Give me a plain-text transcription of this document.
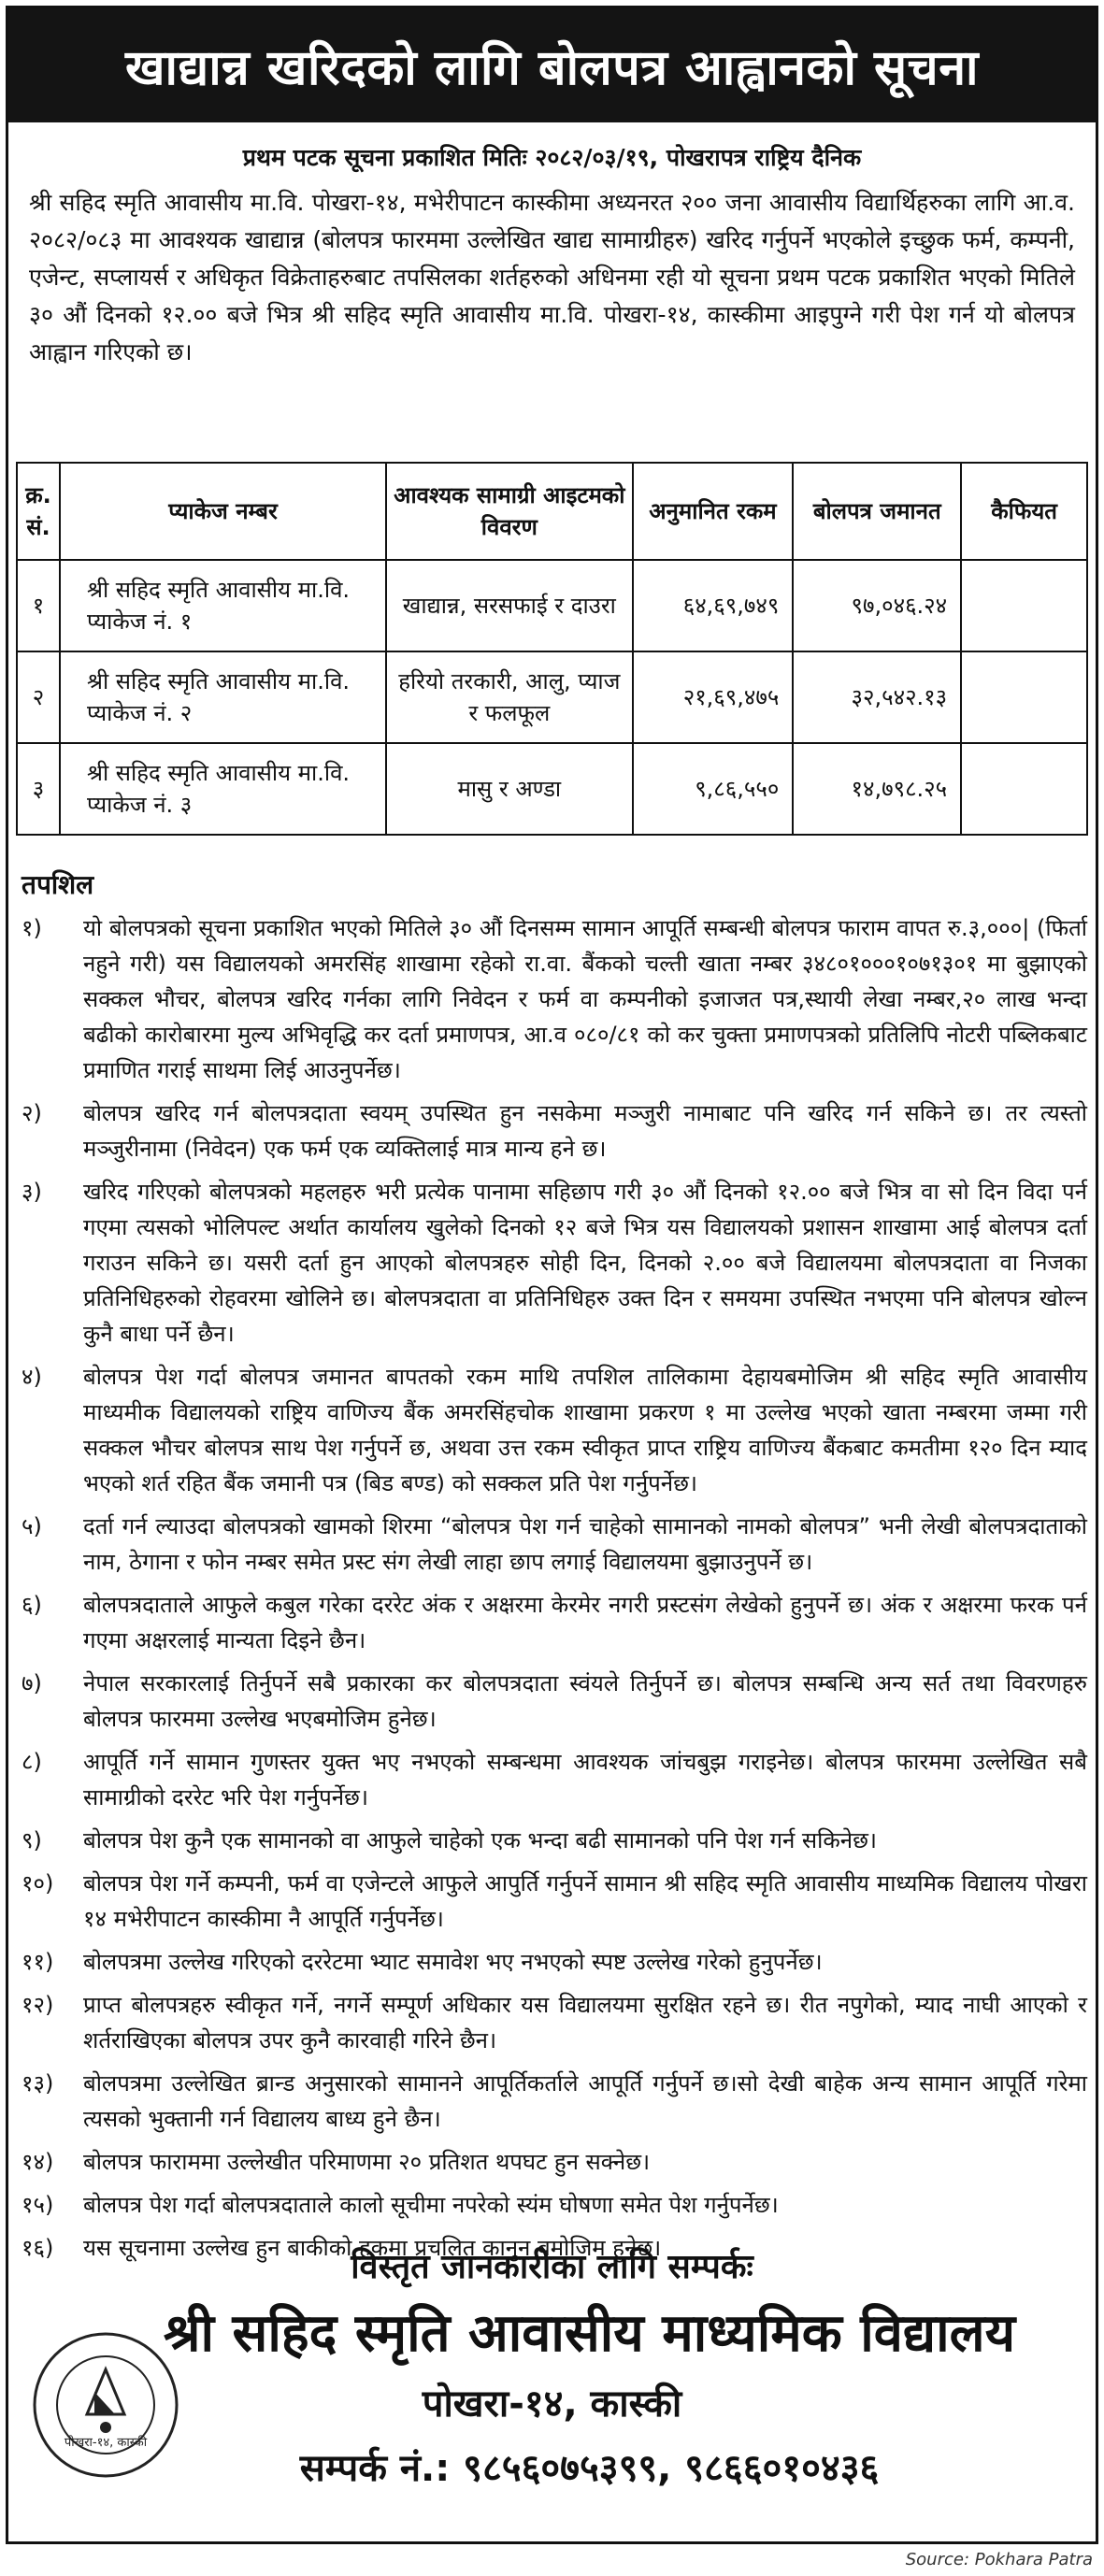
खाद्यान्न खरिदको लागि बोलपत्र आह्वानको सूचना
प्रथम पटक सूचना प्रकाशित मितिः २०८२/०३/१९, पोखरापत्र राष्ट्रिय दैनिक

श्री सहिद स्मृति आवासीय मा.वि. पोखरा-१४, मभेरीपाटन कास्कीमा अध्यनरत २०० जना आवासीय विद्यार्थिहरुका लागि आ.व. २०८२/०८३ मा आवश्यक खाद्यान्न (बोलपत्र फारममा उल्लेखित खाद्य सामाग्रीहरु) खरिद गर्नुपर्ने भएकोले इच्छुक फर्म, कम्पनी, एजेन्ट, सप्लायर्स र अधिकृत विक्रेताहरुबाट तपसिलका शर्तहरुको अधिनमा रही यो सूचना प्रथम पटक प्रकाशित भएको मितिले ३० औं दिनको १२.०० बजे भित्र श्री सहिद स्मृति आवासीय मा.वि. पोखरा-१४, कास्कीमा आइपुग्ने गरी पेश गर्न यो बोलपत्र आह्वान गरिएको छ।

क्र. सं.	प्याकेज नम्बर	आवश्यक सामाग्री आइटमको विवरण	अनुमानित रकम	बोलपत्र जमानत	कैफियत
१	श्री सहिद स्मृति आवासीय मा.वि. प्याकेज नं. १	खाद्यान्न, सरसफाई र दाउरा	६४,६९,७४९	९७,०४६.२४	
२	श्री सहिद स्मृति आवासीय मा.वि. प्याकेज नं. २	हरियो तरकारी, आलु, प्याज र फलफूल	२१,६९,४७५	३२,५४२.१३	
३	श्री सहिद स्मृति आवासीय मा.वि. प्याकेज नं. ३	मासु र अण्डा	९,८६,५५०	१४,७९८.२५	
तपशिल
१)	यो बोलपत्रको सूचना प्रकाशित भएको मितिले ३० औं दिनसम्म सामान आपूर्ति सम्बन्धी बोलपत्र फाराम वापत रु.३,०००| (फिर्ता नहुने गरी) यस विद्यालयको अमरसिंह शाखामा रहेको रा.वा. बैंकको चल्ती खाता नम्बर ३४८०१०००१०७१३०१ मा बुझाएको सक्कल भौचर, बोलपत्र खरिद गर्नका लागि निवेदन र फर्म वा कम्पनीको इजाजत पत्र,स्थायी लेखा नम्बर,२० लाख भन्दा बढीको कारोबारमा मुल्य अभिवृद्धि कर दर्ता प्रमाणपत्र, आ.व ०८०/८१ को कर चुक्ता प्रमाणपत्रको प्रतिलिपि नोटरी पब्लिकबाट प्रमाणित गराई साथमा लिई आउनुपर्नेछ।
२)	बोलपत्र खरिद गर्न बोलपत्रदाता स्वयम् उपस्थित हुन नसकेमा मञ्जुरी नामाबाट पनि खरिद गर्न सकिने छ। तर त्यस्तो मञ्जुरीनामा (निवेदन) एक फर्म एक व्यक्तिलाई मात्र मान्य हने छ।
३)	खरिद गरिएको बोलपत्रको महलहरु भरी प्रत्येक पानामा सहिछाप गरी ३० औं दिनको १२.०० बजे भित्र वा सो दिन विदा पर्न गएमा त्यसको भोलिपल्ट अर्थात कार्यालय खुलेको दिनको १२ बजे भित्र यस विद्यालयको प्रशासन शाखामा आई बोलपत्र दर्ता गराउन सकिने छ। यसरी दर्ता हुन आएको बोलपत्रहरु सोही दिन, दिनको २.०० बजे विद्यालयमा बोलपत्रदाता वा निजका प्रतिनिधिहरुको रोहवरमा खोलिने छ। बोलपत्रदाता वा प्रतिनिधिहरु उक्त दिन र समयमा उपस्थित नभएमा पनि बोलपत्र खोल्न कुनै बाधा पर्ने छैन।
४)	बोलपत्र पेश गर्दा बोलपत्र जमानत बापतको रकम माथि तपशिल तालिकामा देहायबमोजिम श्री सहिद स्मृति आवासीय माध्यमीक विद्यालयको राष्ट्रिय वाणिज्य बैंक अमरसिंहचोक शाखामा प्रकरण १ मा उल्लेख भएको खाता नम्बरमा जम्मा गरी सक्कल भौचर बोलपत्र साथ पेश गर्नुपर्ने छ, अथवा उत्त रकम स्वीकृत प्राप्त राष्ट्रिय वाणिज्य बैंकबाट कमतीमा १२० दिन म्याद भएको शर्त रहित बैंक जमानी पत्र (बिड बण्ड) को सक्कल प्रति पेश गर्नुपर्नेछ।
५)	दर्ता गर्न ल्याउदा बोलपत्रको खामको शिरमा “बोलपत्र पेश गर्न चाहेको सामानको नामको बोलपत्र” भनी लेखी बोलपत्रदाताको नाम, ठेगाना र फोन नम्बर समेत प्रस्ट संग लेखी लाहा छाप लगाई विद्यालयमा बुझाउनुपर्ने छ।
६)	बोलपत्रदाताले आफुले कबुल गरेका दररेट अंक र अक्षरमा केरमेर नगरी प्रस्टसंग लेखेको हुनुपर्ने छ। अंक र अक्षरमा फरक पर्न गएमा अक्षरलाई मान्यता दिइने छैन।
७)	नेपाल सरकारलाई तिर्नुपर्ने सबै प्रकारका कर बोलपत्रदाता स्वंयले तिर्नुपर्ने छ। बोलपत्र सम्बन्धि अन्य सर्त तथा विवरणहरु बोलपत्र फारममा उल्लेख भएबमोजिम हुनेछ।
८)	आपूर्ति गर्ने सामान गुणस्तर युक्त भए नभएको सम्बन्धमा आवश्यक जांचबुझ गराइनेछ। बोलपत्र फारममा उल्लेखित सबै सामाग्रीको दररेट भरि पेश गर्नुपर्नेछ।
९)	बोलपत्र पेश कुनै एक सामानको वा आफुले चाहेको एक भन्दा बढी सामानको पनि पेश गर्न सकिनेछ।
१०)	बोलपत्र पेश गर्ने कम्पनी, फर्म वा एजेन्टले आफुले आपुर्ति गर्नुपर्ने सामान श्री सहिद स्मृति आवासीय माध्यमिक विद्यालय पोखरा १४ मभेरीपाटन कास्कीमा नै आपूर्ति गर्नुपर्नेछ।
११)	बोलपत्रमा उल्लेख गरिएको दररेटमा भ्याट समावेश भए नभएको स्पष्ट उल्लेख गरेको हुनुपर्नेछ।
१२)	प्राप्त बोलपत्रहरु स्वीकृत गर्ने, नगर्ने सम्पूर्ण अधिकार यस विद्यालयमा सुरक्षित रहने छ। रीत नपुगेको, म्याद नाघी आएको र शर्तराखिएका बोलपत्र उपर कुनै कारवाही गरिने छैन।
१३)	बोलपत्रमा उल्लेखित ब्रान्ड अनुसारको सामानने आपूर्तिकर्ताले आपूर्ति गर्नुपर्ने छ।सो देखी बाहेक अन्य सामान आपूर्ति गरेमा त्यसको भुक्तानी गर्न विद्यालय बाध्य हुने छैन।
१४)	बोलपत्र फाराममा उल्लेखीत परिमाणमा २० प्रतिशत थपघट हुन सक्नेछ।
१५)	बोलपत्र पेश गर्दा बोलपत्रदाताले कालो सूचीमा नपरेको स्यंम घोषणा समेत पेश गर्नुपर्नेछ।
१६)	यस सूचनामा उल्लेख हुन बाकीको हकमा प्रचलित कानुन बमोजिम हुनेछ।
विस्तृत जानकारीका लागि सम्पर्कः
पोखरा-१४, कास्की
श्री सहिद स्मृति आवासीय माध्यमिक विद्यालय
पोखरा-१४, कास्की
सम्पर्क नं.: ९८५६०७५३९९, ९८६६०१०४३६
Source: Pokhara Patra
